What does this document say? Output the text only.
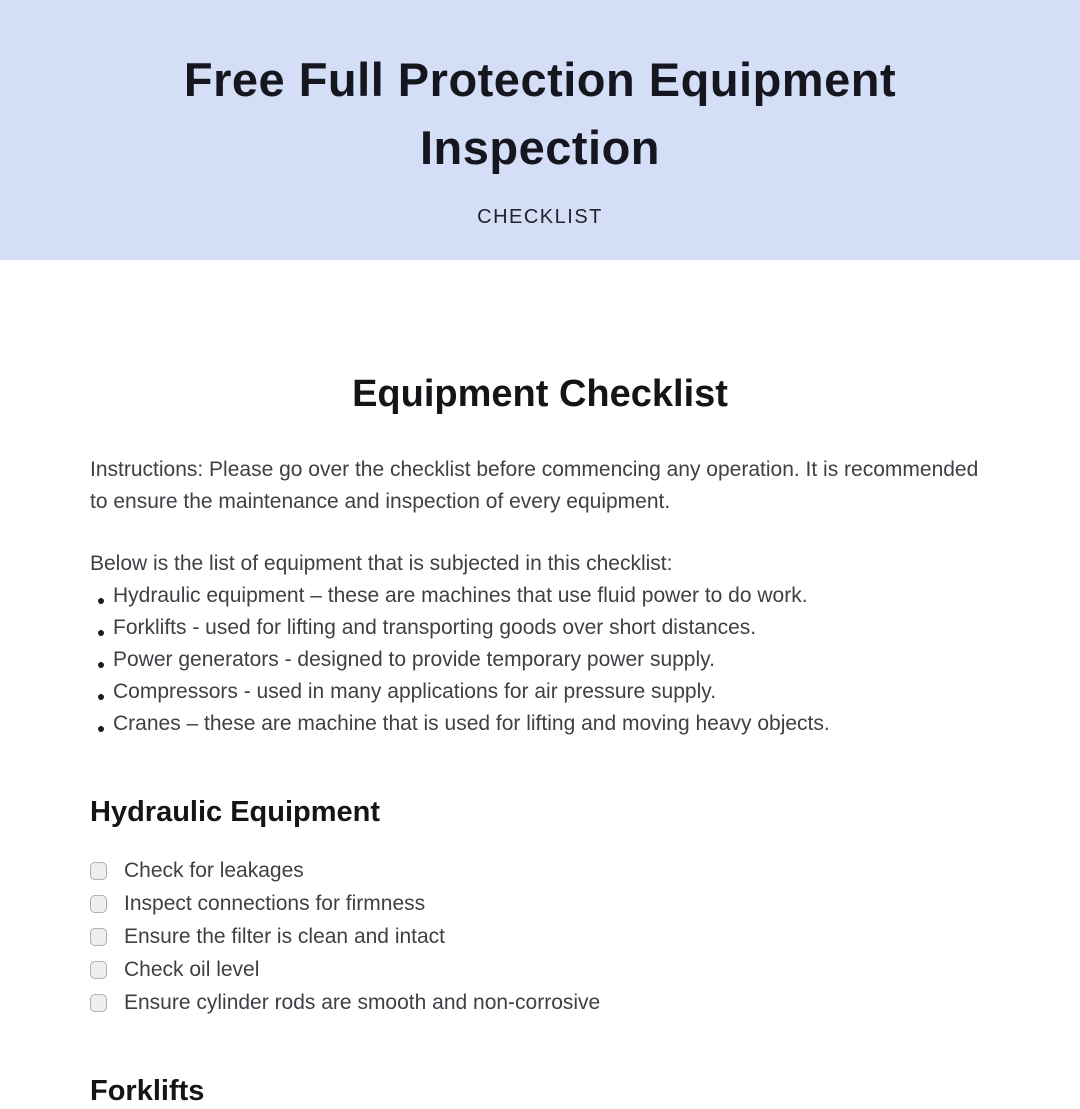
Free Full Protection Equipment Inspection
CHECKLIST
Equipment Checklist

Instructions: Please go over the checklist before commencing any operation. It is recommended to ensure the maintenance and inspection of every equipment.

Below is the list of equipment that is subjected in this checklist:

Hydraulic equipment – these are machines that use fluid power to do work.
Forklifts - used for lifting and transporting goods over short distances.
Power generators - designed to provide temporary power supply.
Compressors - used in many applications for air pressure supply.
Cranes – these are machine that is used for lifting and moving heavy objects.
Hydraulic Equipment
Check for leakages
Inspect connections for firmness
Ensure the filter is clean and intact
Check oil level
Ensure cylinder rods are smooth and non-corrosive
Forklifts
